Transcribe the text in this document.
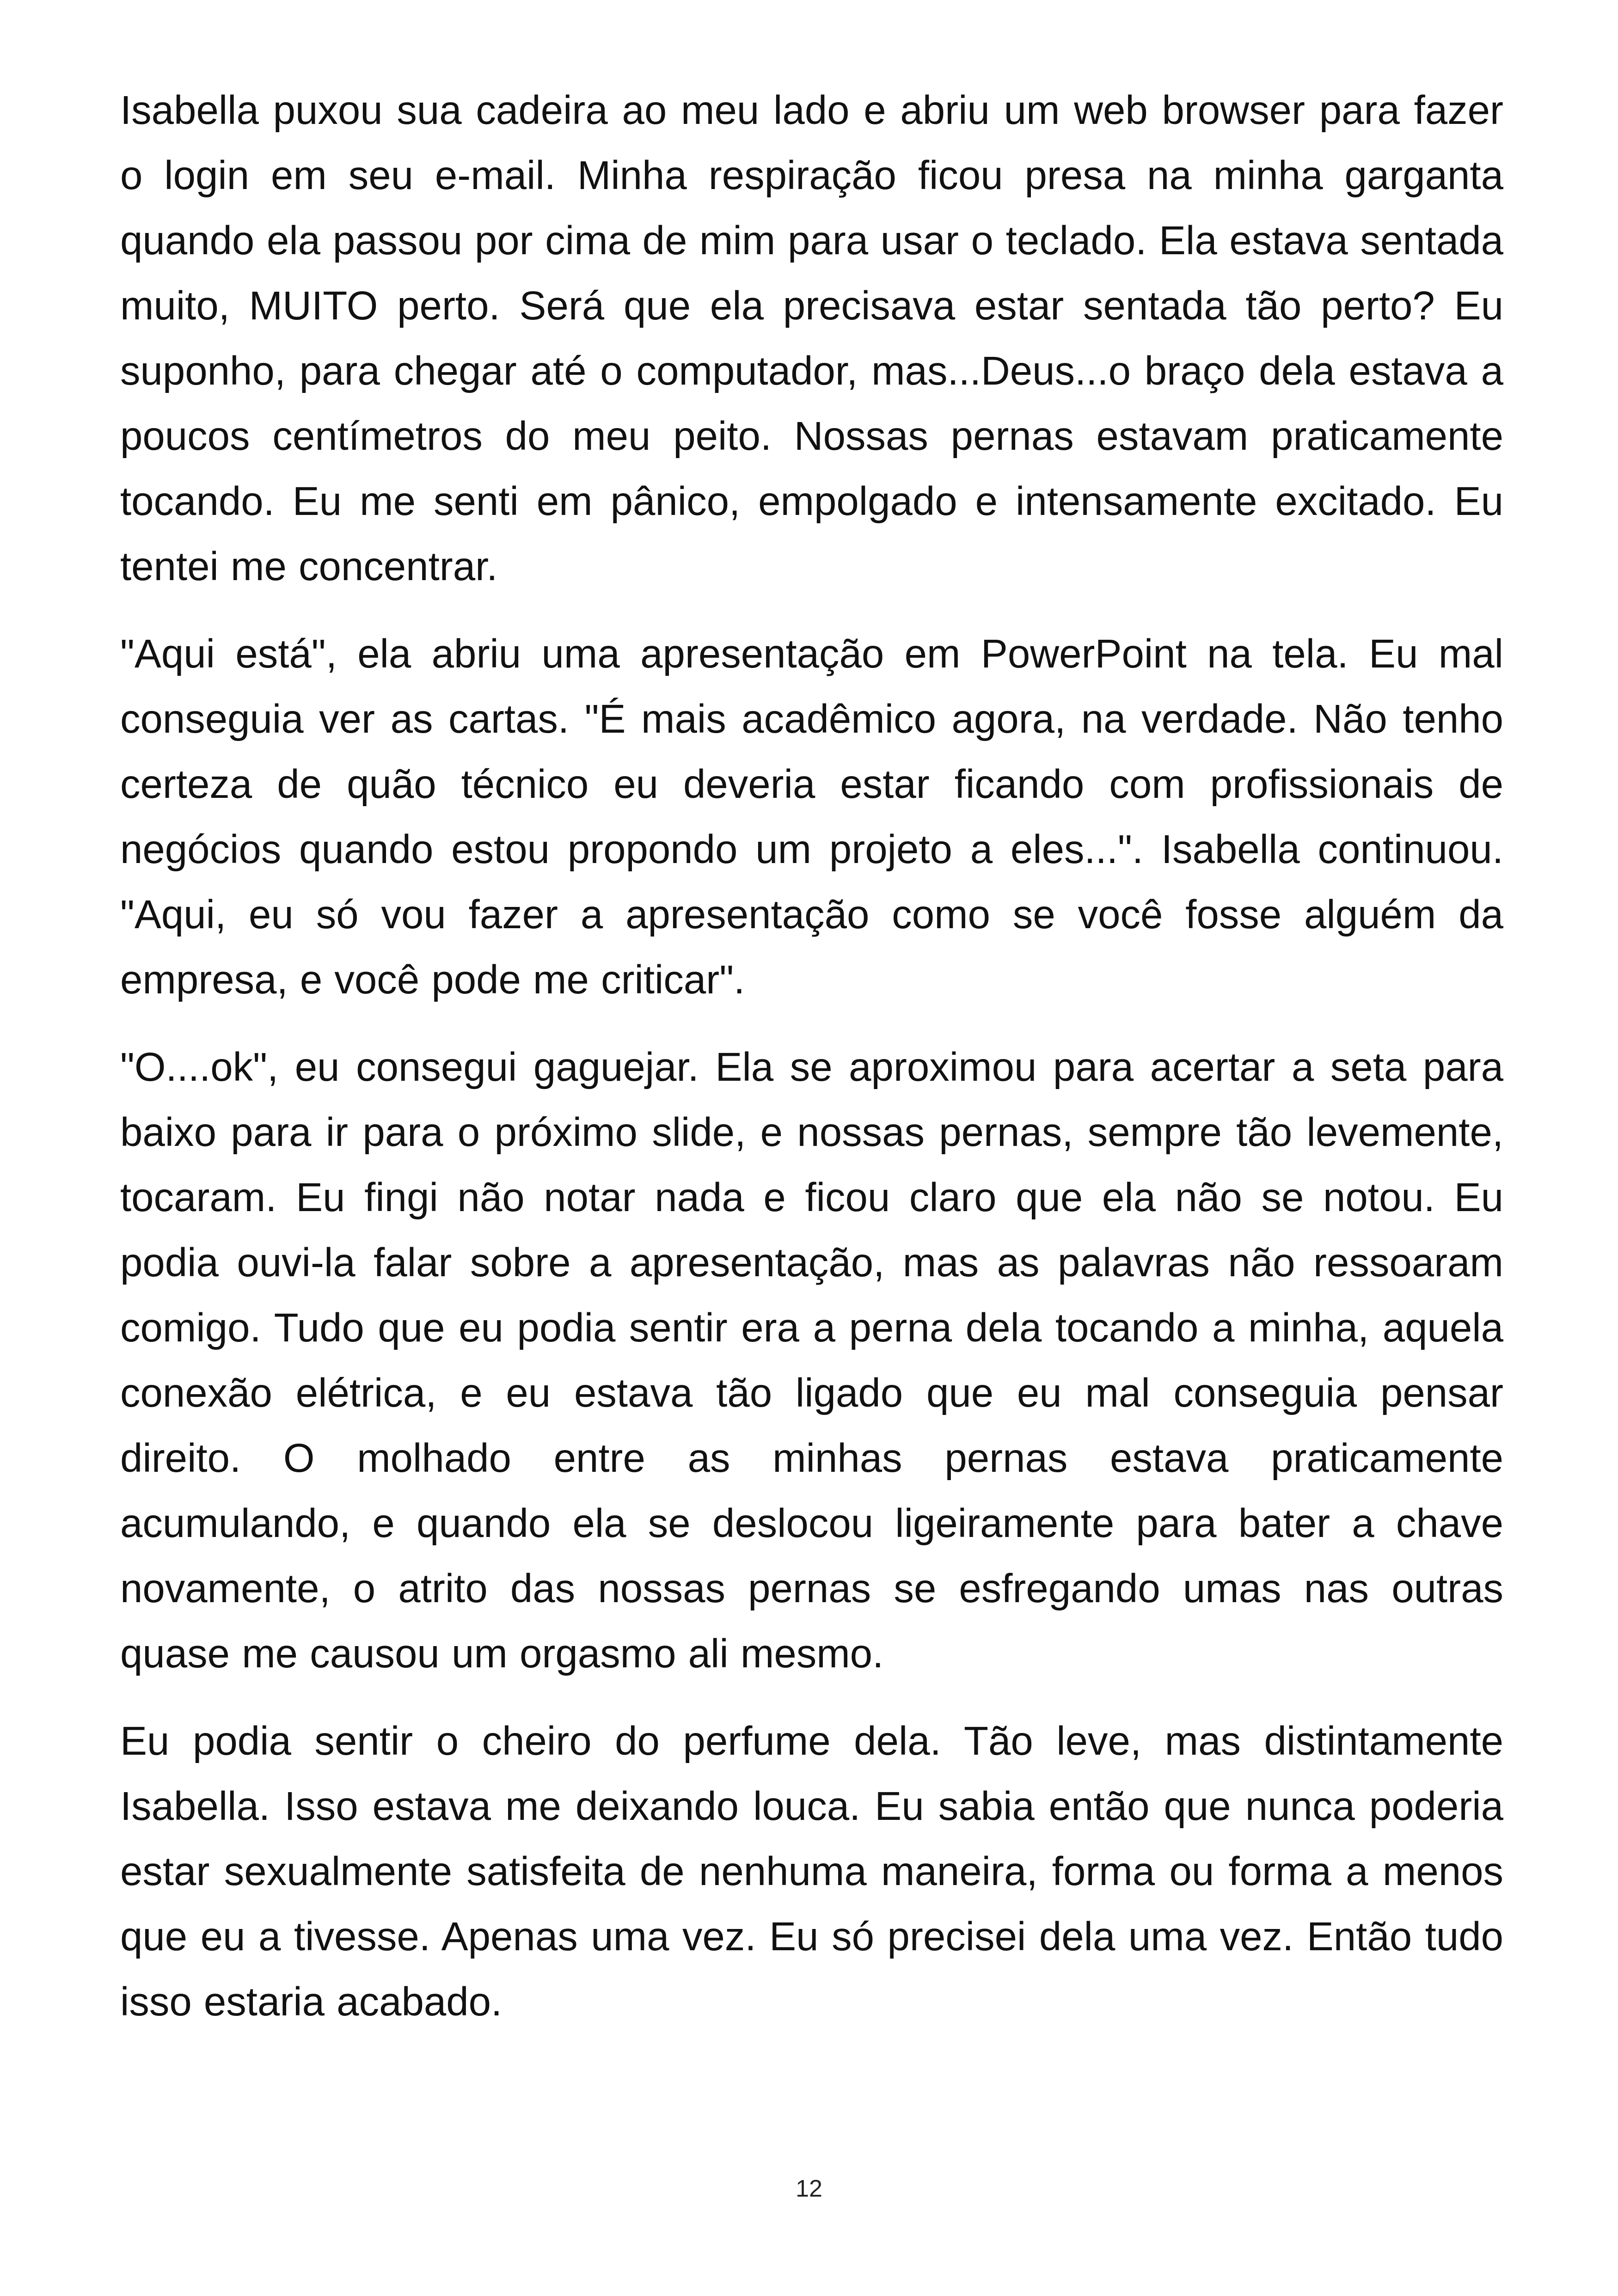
Isabella puxou sua cadeira ao meu lado e abriu um web browser para fazer o login em seu e-mail. Minha respiração ficou presa na minha garganta quando ela passou por cima de mim para usar o teclado. Ela estava sentada muito, MUITO perto. Será que ela precisava estar sentada tão perto? Eu suponho, para chegar até o computador, mas...Deus...o braço dela estava a poucos centímetros do meu peito. Nossas pernas estavam praticamente tocando. Eu me senti em pânico, empolgado e intensamente excitado. Eu tentei me concentrar.

"Aqui está", ela abriu uma apresentação em PowerPoint na tela. Eu mal conseguia ver as cartas. "É mais acadêmico agora, na verdade. Não tenho certeza de quão técnico eu deveria estar ficando com profissionais de negócios quando estou propondo um projeto a eles...". Isabella continuou. "Aqui, eu só vou fazer a apresentação como se você fosse alguém da empresa, e você pode me criticar".

"O....ok", eu consegui gaguejar. Ela se aproximou para acertar a seta para baixo para ir para o próximo slide, e nossas pernas, sempre tão levemente, tocaram. Eu fingi não notar nada e ficou claro que ela não se notou. Eu podia ouvi-la falar sobre a apresentação, mas as palavras não ressoaram comigo. Tudo que eu podia sentir era a perna dela tocando a minha, aquela conexão elétrica, e eu estava tão ligado que eu mal conseguia pensar direito. O molhado entre as minhas pernas estava praticamente acumulando, e quando ela se deslocou ligeiramente para bater a chave novamente, o atrito das nossas pernas se esfregando umas nas outras quase me causou um orgasmo ali mesmo.

Eu podia sentir o cheiro do perfume dela. Tão leve, mas distintamente Isabella. Isso estava me deixando louca. Eu sabia então que nunca poderia estar sexualmente satisfeita de nenhuma maneira, forma ou forma a menos que eu a tivesse. Apenas uma vez. Eu só precisei dela uma vez. Então tudo isso estaria acabado.

12
